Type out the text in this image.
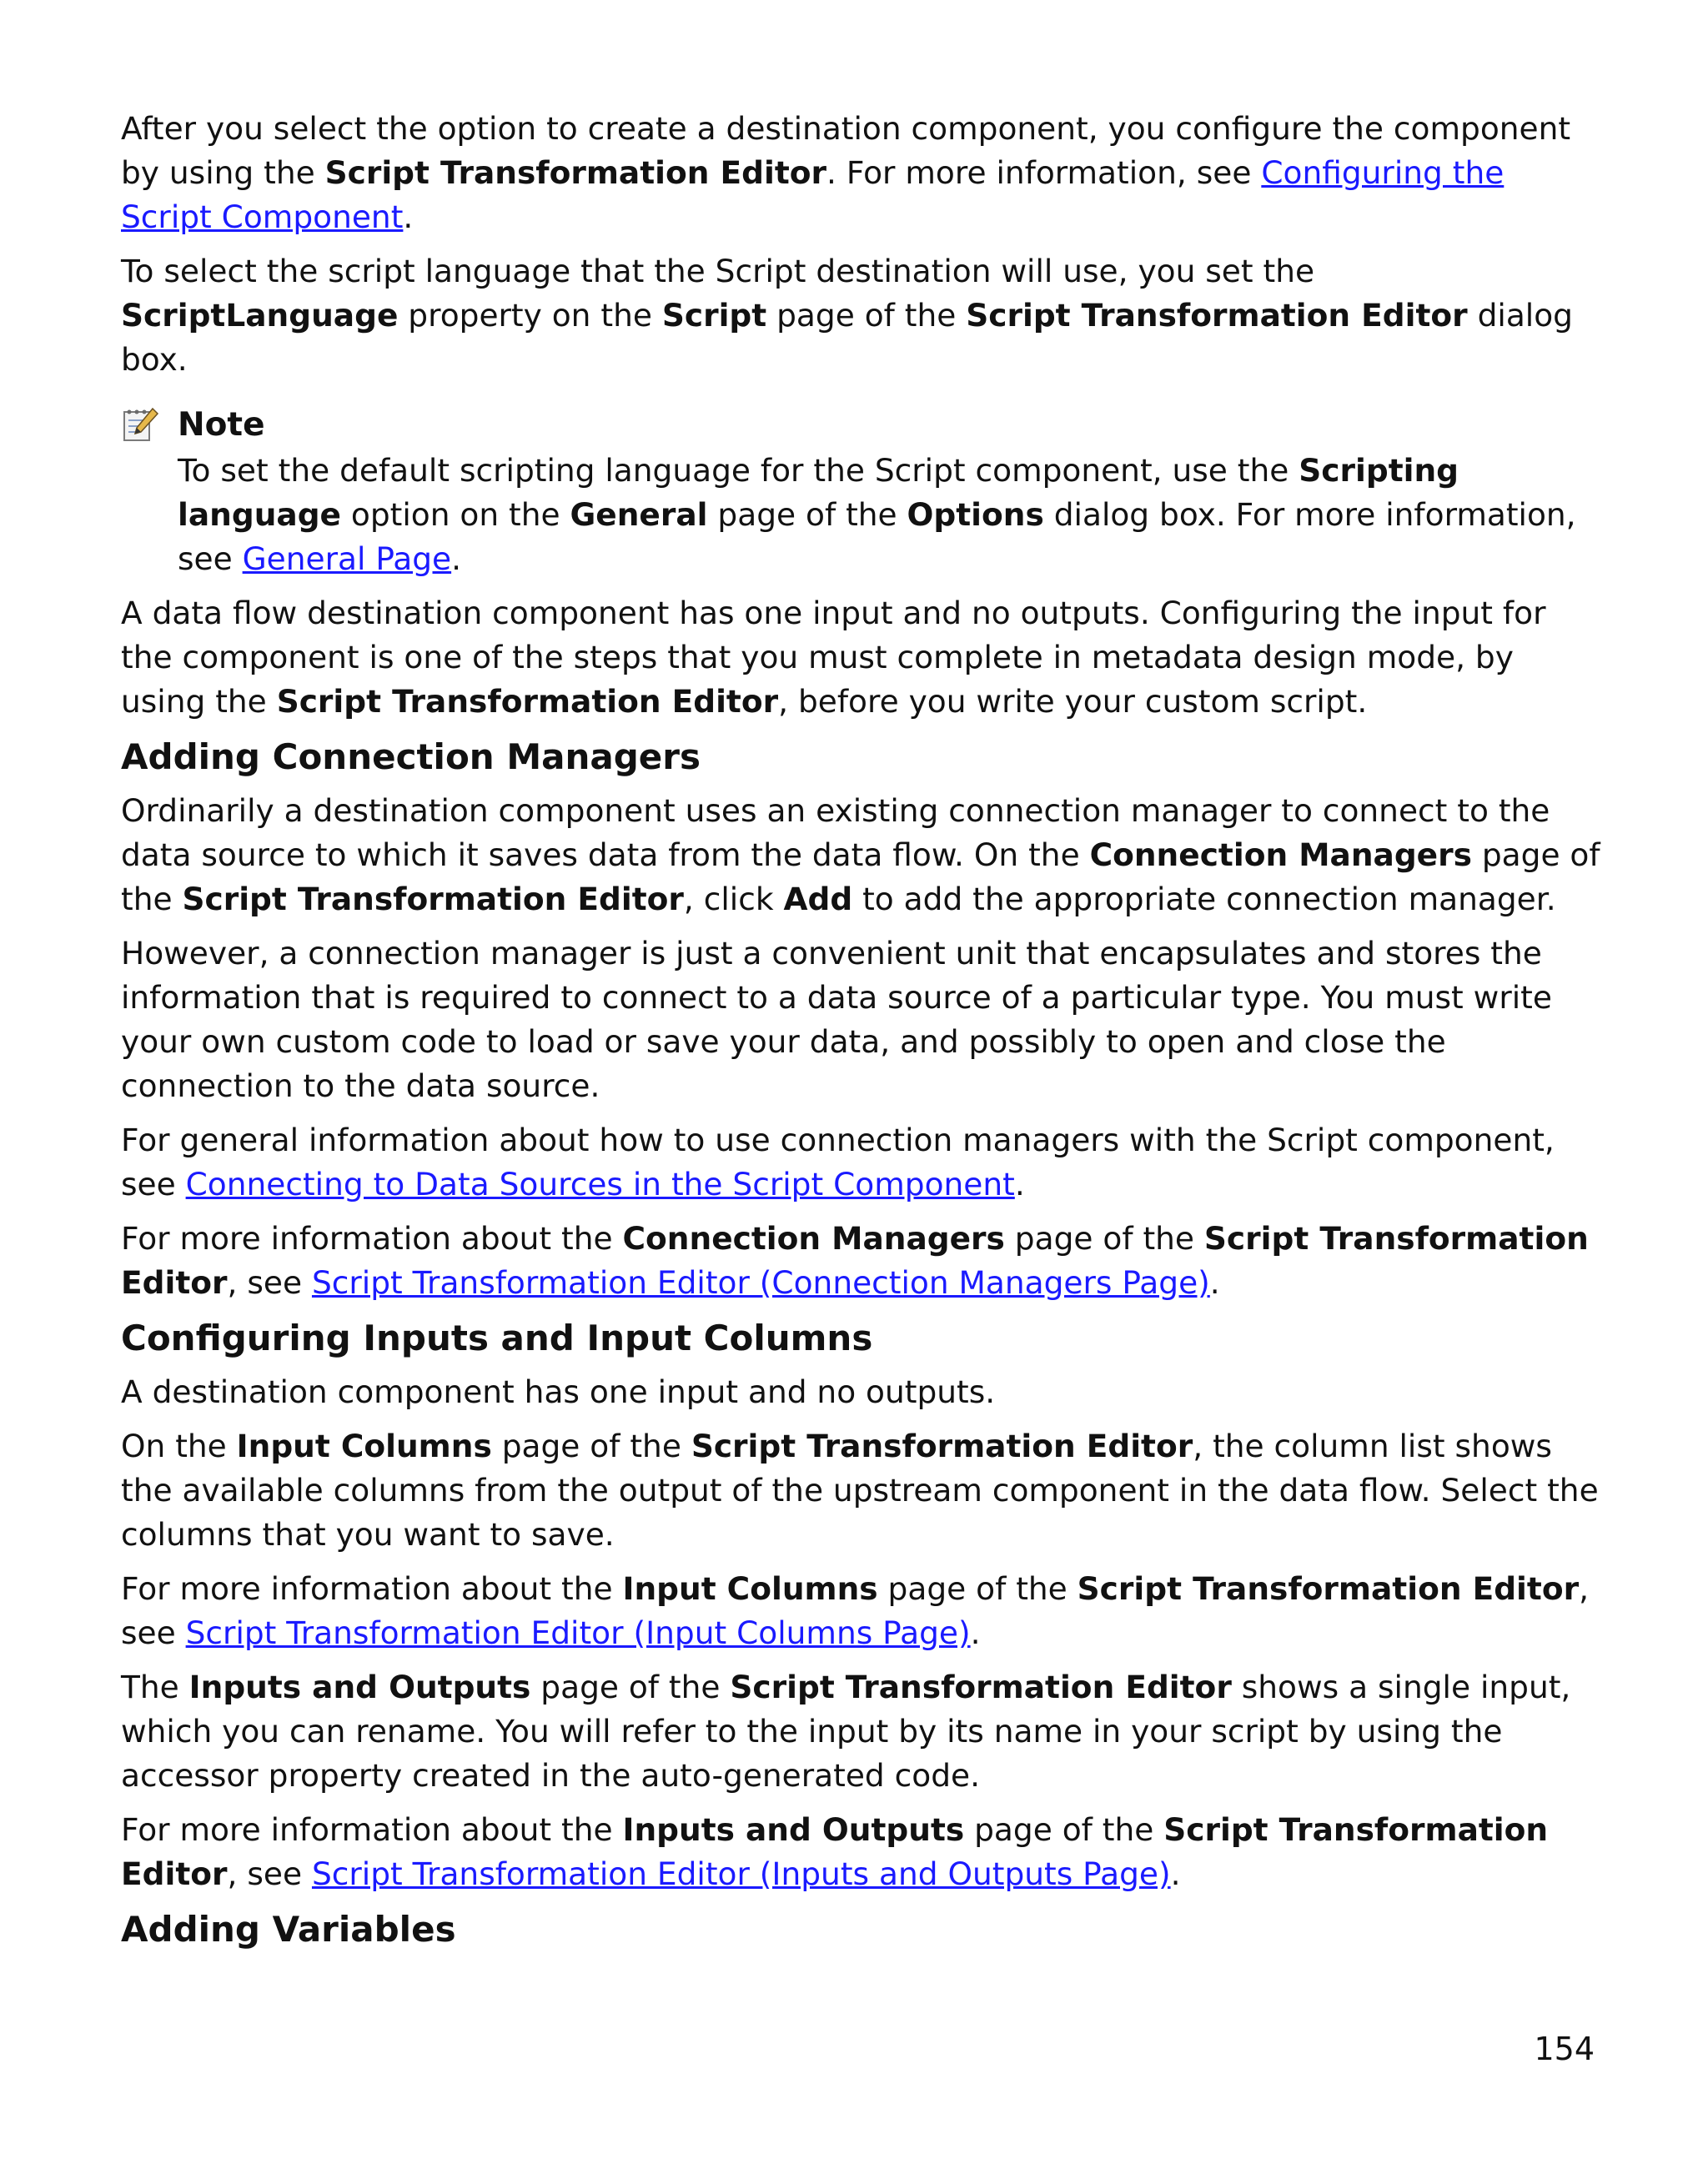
After you select the option to create a destination component, you configure the component by using the Script Transformation Editor. For more information, see Configuring the Script Component.

To select the script language that the Script destination will use, you set the ScriptLanguage property on the Script page of the Script Transformation Editor dialog box.

Note

To set the default scripting language for the Script component, use the Scripting language option on the General page of the Options dialog box. For more information, see General Page.

A data flow destination component has one input and no outputs. Configuring the input for the component is one of the steps that you must complete in metadata design mode, by using the Script Transformation Editor, before you write your custom script.

Adding Connection Managers

Ordinarily a destination component uses an existing connection manager to connect to the data source to which it saves data from the data flow. On the Connection Managers page of the Script Transformation Editor, click Add to add the appropriate connection manager.

However, a connection manager is just a convenient unit that encapsulates and stores the information that is required to connect to a data source of a particular type. You must write your own custom code to load or save your data, and possibly to open and close the connection to the data source.

For general information about how to use connection managers with the Script component, see Connecting to Data Sources in the Script Component.

For more information about the Connection Managers page of the Script Transformation Editor, see Script Transformation Editor (Connection Managers Page).

Configuring Inputs and Input Columns

A destination component has one input and no outputs.

On the Input Columns page of the Script Transformation Editor, the column list shows the available columns from the output of the upstream component in the data flow. Select the columns that you want to save.

For more information about the Input Columns page of the Script Transformation Editor, see Script Transformation Editor (Input Columns Page).

The Inputs and Outputs page of the Script Transformation Editor shows a single input, which you can rename. You will refer to the input by its name in your script by using the accessor property created in the auto-generated code.

For more information about the Inputs and Outputs page of the Script Transformation Editor, see Script Transformation Editor (Inputs and Outputs Page).

Adding Variables
154
